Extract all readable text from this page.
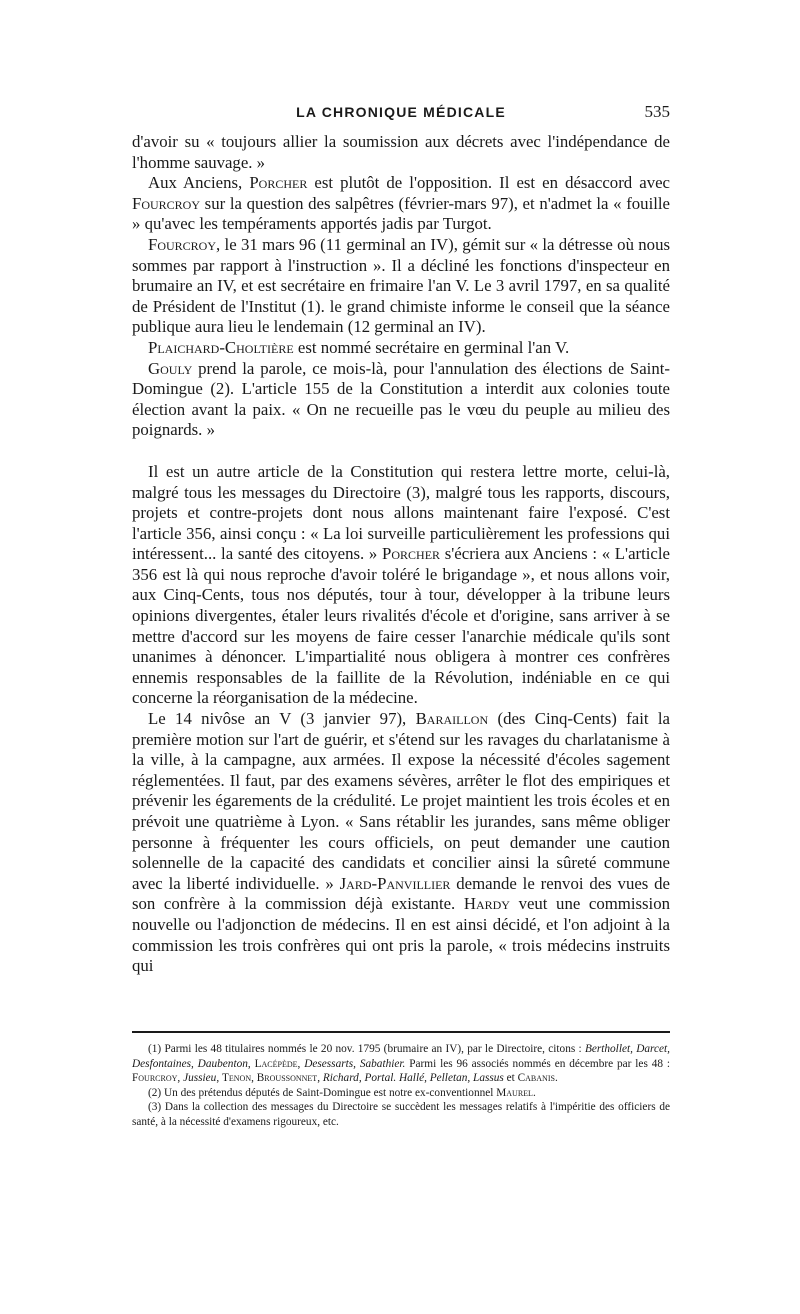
LA CHRONIQUE MÉDICALE	535

d'avoir su « toujours allier la soumission aux décrets avec l'indépendance de l'homme sauvage. »

Aux Anciens, Porcher est plutôt de l'opposition. Il est en désaccord avec Fourcroy sur la question des salpêtres (février-mars 97), et n'admet la « fouille » qu'avec les tempéraments apportés jadis par Turgot.

Fourcroy, le 31 mars 96 (11 germinal an IV), gémit sur « la détresse où nous sommes par rapport à l'instruction ». Il a décliné les fonctions d'inspecteur en brumaire an IV, et est secrétaire en frimaire l'an V. Le 3 avril 1797, en sa qualité de Président de l'Institut (1). le grand chimiste informe le conseil que la séance publique aura lieu le lendemain (12 germinal an IV).

Plaichard-Choltière est nommé secrétaire en germinal l'an V.

Gouly prend la parole, ce mois-là, pour l'annulation des élections de Saint-Domingue (2). L'article 155 de la Constitution a interdit aux colonies toute élection avant la paix. « On ne recueille pas le vœu du peuple au milieu des poignards. »

Il est un autre article de la Constitution qui restera lettre morte, celui-là, malgré tous les messages du Directoire (3), malgré tous les rapports, discours, projets et contre-projets dont nous allons maintenant faire l'exposé. C'est l'article 356, ainsi conçu : « La loi surveille particulièrement les professions qui intéressent... la santé des citoyens. » Porcher s'écriera aux Anciens : « L'article 356 est là qui nous reproche d'avoir toléré le brigandage », et nous allons voir, aux Cinq-Cents, tous nos députés, tour à tour, développer à la tribune leurs opinions divergentes, étaler leurs rivalités d'école et d'origine, sans arriver à se mettre d'accord sur les moyens de faire cesser l'anarchie médicale qu'ils sont unanimes à dénoncer. L'impartialité nous obligera à montrer ces confrères ennemis responsables de la faillite de la Révolution, indéniable en ce qui concerne la réorganisation de la médecine.

Le 14 nivôse an V (3 janvier 97), Baraillon (des Cinq-Cents) fait la première motion sur l'art de guérir, et s'étend sur les ravages du charlatanisme à la ville, à la campagne, aux armées. Il expose la nécessité d'écoles sagement réglementées. Il faut, par des examens sévères, arrêter le flot des empiriques et prévenir les égarements de la crédulité. Le projet maintient les trois écoles et en prévoit une quatrième à Lyon. « Sans rétablir les jurandes, sans même obliger personne à fréquenter les cours officiels, on peut demander une caution solennelle de la capacité des candidats et concilier ainsi la sûreté commune avec la liberté individuelle. » Jard-Panvillier demande le renvoi des vues de son confrère à la commission déjà existante. Hardy veut une commission nouvelle ou l'adjonction de médecins. Il en est ainsi décidé, et l'on adjoint à la commission les trois confrères qui ont pris la parole, « trois médecins instruits qui

(1) Parmi les 48 titulaires nommés le 20 nov. 1795 (brumaire an IV), par le Directoire, citons : Berthollet, Darcet, Desfontaines, Daubenton, Lacépède, Desessarts, Sabathier. Parmi les 96 associés nommés en décembre par les 48 : Fourcroy, Jussieu, Tenon, Broussonnet, Richard, Portal. Hallé, Pelletan, Lassus et Cabanis.

(2) Un des prétendus députés de Saint-Domingue est notre ex-conventionnel Maurel.

(3) Dans la collection des messages du Directoire se succèdent les messages relatifs à l'impéritie des officiers de santé, à la nécessité d'examens rigoureux, etc.
